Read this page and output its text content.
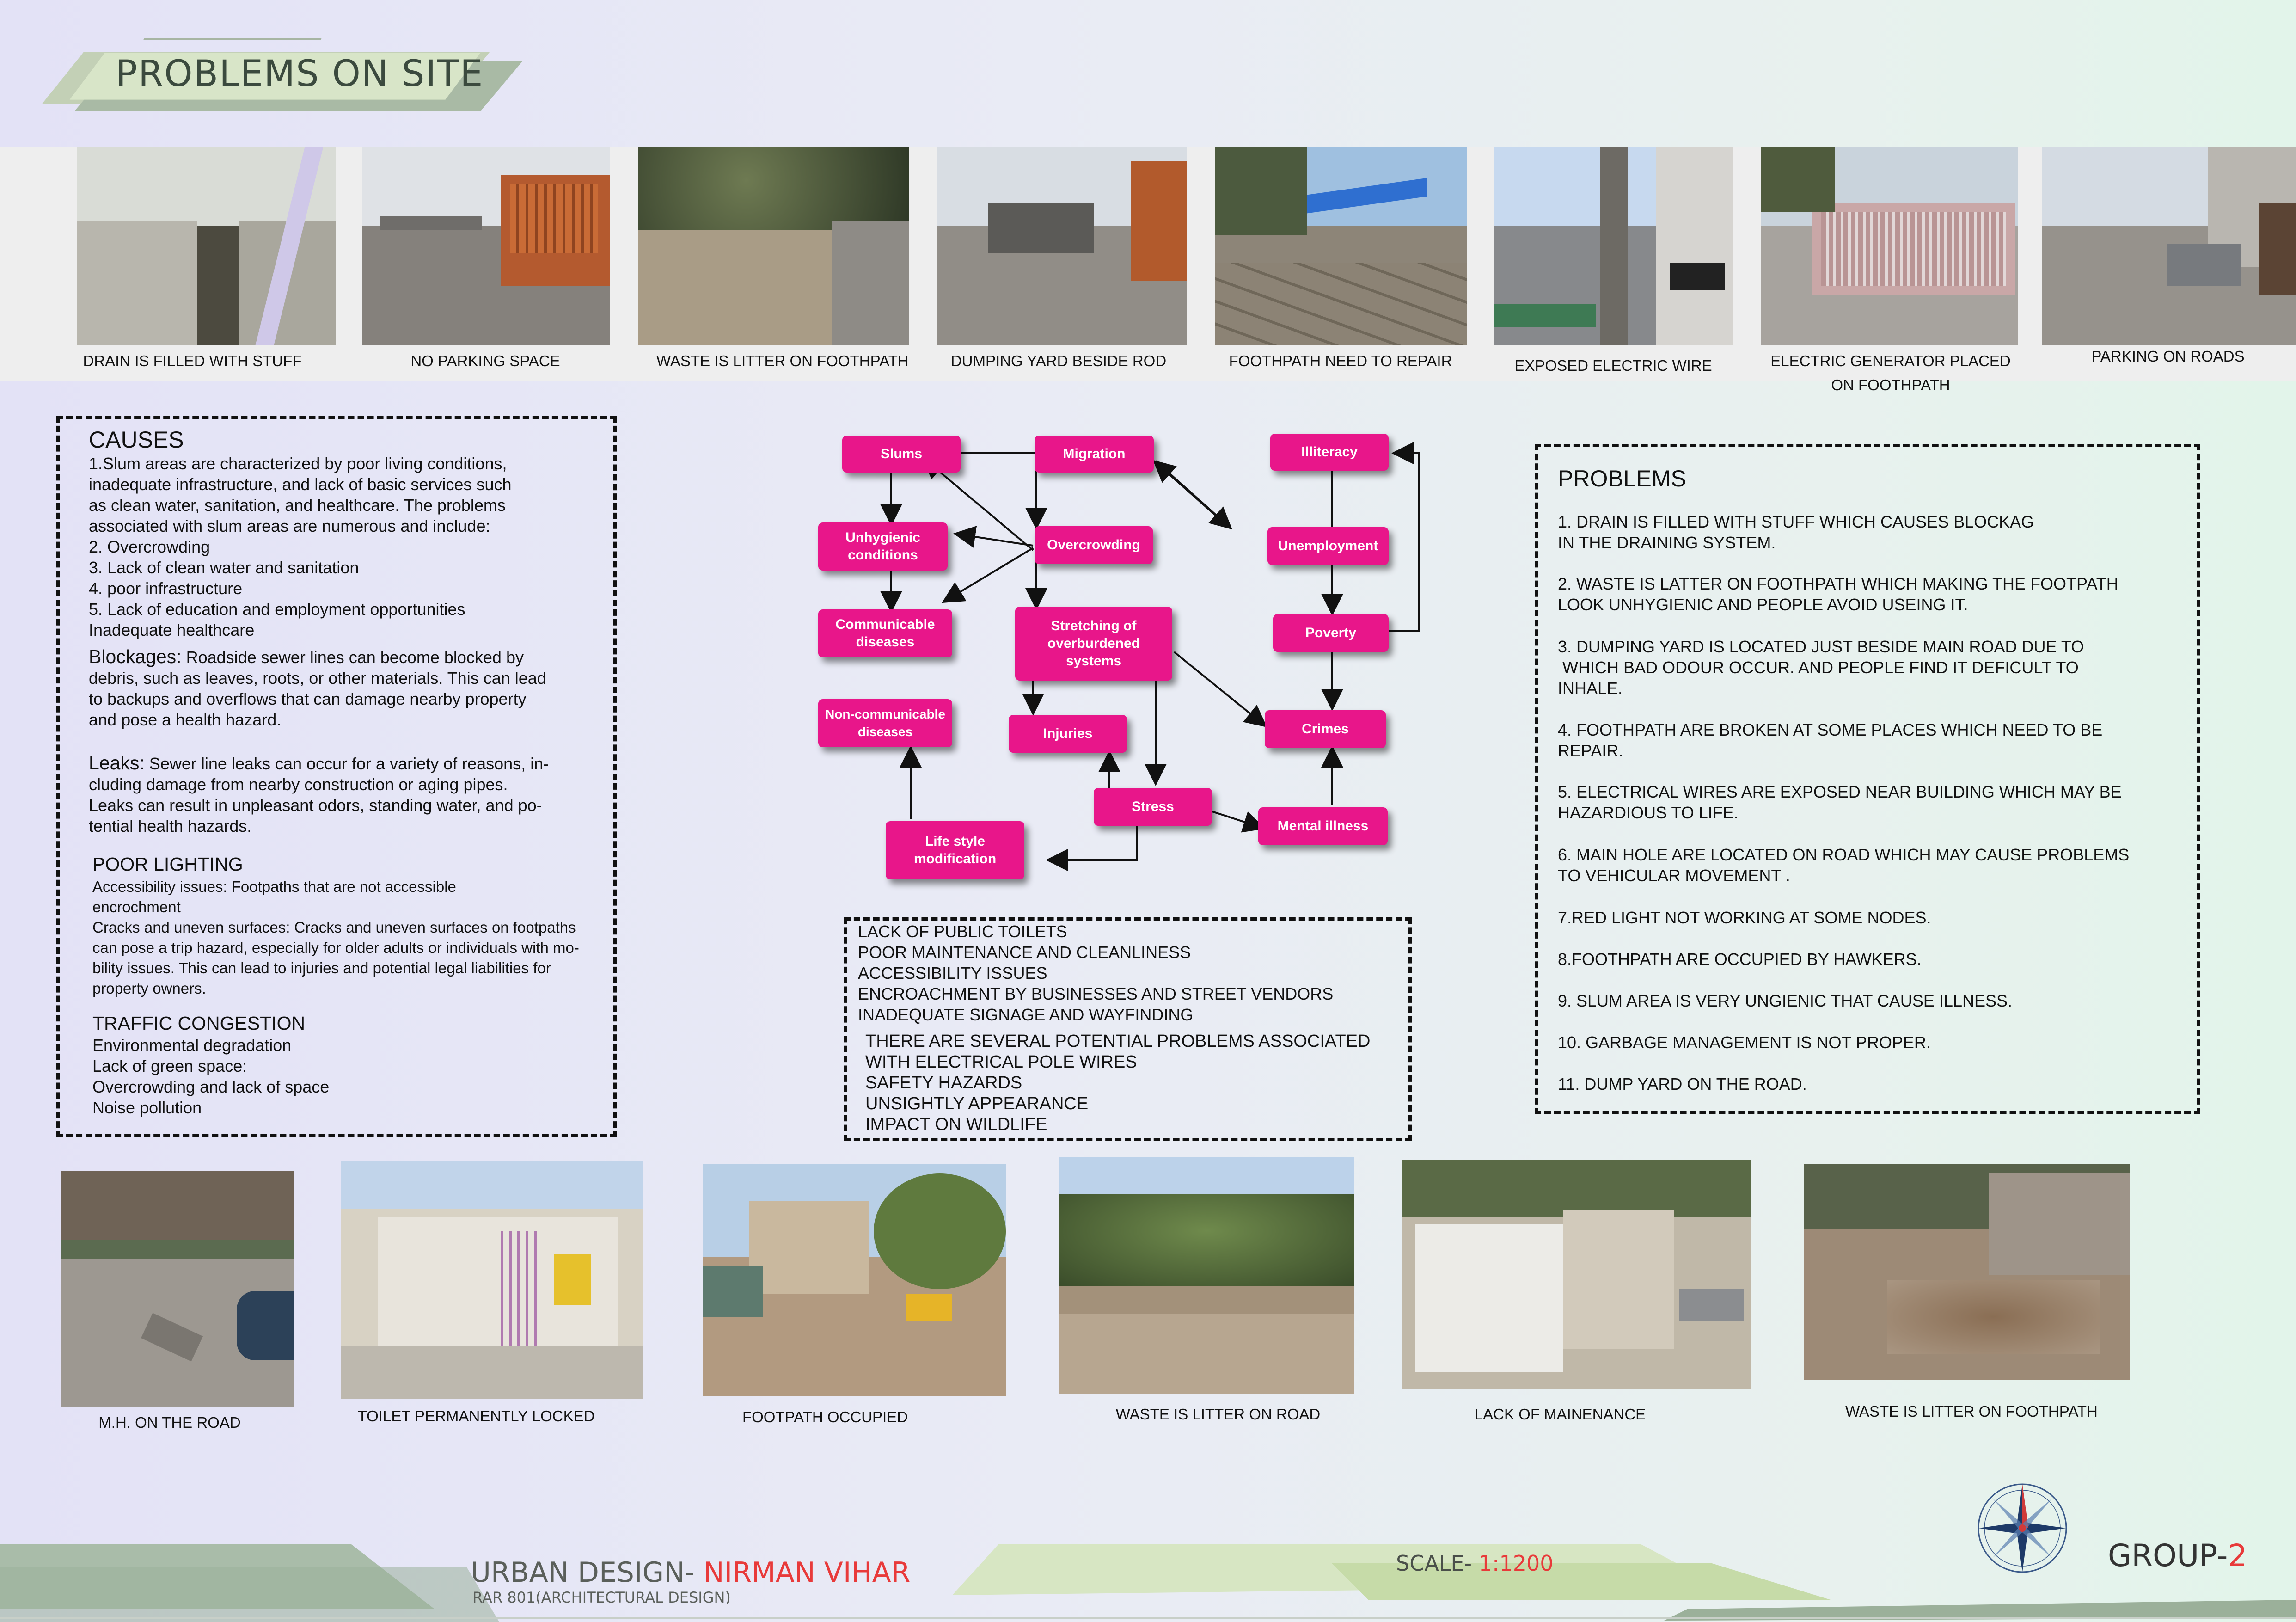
PROBLEMS ON SITE
DRAIN IS FILLED WITH STUFF	NO PARKING SPACE	WASTE IS LITTER ON FOOTHPATH	DUMPING YARD BESIDE ROD	FOOTHPATH NEED TO REPAIR	EXPOSED ELECTRIC WIRE	ELECTRIC GENERATOR PLACED
ON FOOTHPATH
PARKING ON ROADS
CAUSES
1.Slum areas are characterized by poor living conditions,
inadequate infrastructure, and lack of basic services such
as clean water, sanitation, and healthcare. The problems
associated with slum areas are numerous and include:
2. Overcrowding
3. Lack of clean water and sanitation
4. poor infrastructure
5. Lack of education and employment opportunities
Inadequate healthcare
Blockages: Roadside sewer lines can become blocked by
debris, such as leaves, roots, or other materials. This can lead
to backups and overflows that can damage nearby property
and pose a health hazard.
Leaks: Sewer line leaks can occur for a variety of reasons, in-
cluding damage from nearby construction or aging pipes.
Leaks can result in unpleasant odors, standing water, and po-
tential health hazards.
POOR LIGHTING
Accessibility issues: Footpaths that are not accessible
encrochment
Cracks and uneven surfaces: Cracks and uneven surfaces on footpaths
can pose a trip hazard, especially for older adults or individuals with mo-
bility issues. This can lead to injuries and potential legal liabilities for
property owners.
TRAFFIC CONGESTION
Environmental degradation
Lack of green space:
Overcrowding and lack of space
Noise pollution
Slums	Migration	Illiteracy
Unhygienic
conditions
Overcrowding	Unemployment
Communicable
diseases
Stretching of
overburdened
systems
Poverty
Non-communicable
diseases	Injuries	Crimes
Stress
Mental illness
Life style
modification
LACK OF PUBLIC TOILETS
POOR MAINTENANCE AND CLEANLINESS
ACCESSIBILITY ISSUES
ENCROACHMENT BY BUSINESSES AND STREET VENDORS
INADEQUATE SIGNAGE AND WAYFINDING
THERE ARE SEVERAL POTENTIAL PROBLEMS ASSOCIATED
WITH ELECTRICAL POLE WIRES
SAFETY HAZARDS
UNSIGHTLY APPEARANCE
IMPACT ON WILDLIFE
PROBLEMS
1. DRAIN IS FILLED WITH STUFF WHICH CAUSES BLOCKAG
IN THE DRAINING SYSTEM.
2. WASTE IS LATTER ON FOOTHPATH WHICH MAKING THE FOOTPATH
LOOK UNHYGIENIC AND PEOPLE AVOID USEING IT.
3. DUMPING YARD IS LOCATED JUST BESIDE MAIN ROAD DUE TO
WHICH BAD ODOUR OCCUR. AND PEOPLE FIND IT DEFICULT TO
INHALE.
4. FOOTHPATH ARE BROKEN AT SOME PLACES WHICH NEED TO BE
REPAIR.
5. ELECTRICAL WIRES ARE EXPOSED NEAR BUILDING WHICH MAY BE
HAZARDIOUS TO LIFE.
6. MAIN HOLE ARE LOCATED ON ROAD WHICH MAY CAUSE PROBLEMS
TO VEHICULAR MOVEMENT .
7.RED LIGHT NOT WORKING AT SOME NODES.
8.FOOTHPATH ARE OCCUPIED BY HAWKERS.
9. SLUM AREA IS VERY UNGIENIC THAT CAUSE ILLNESS.
10. GARBAGE MANAGEMENT IS NOT PROPER.
11. DUMP YARD ON THE ROAD.
M.H. ON THE ROAD	TOILET PERMANENTLY LOCKED	FOOTPATH OCCUPIED	WASTE IS LITTER ON ROAD	LACK OF MAINENANCE	WASTE IS LITTER ON FOOTHPATH
URBAN DESIGN- NIRMAN VIHAR
RAR 801(ARCHITECTURAL DESIGN)
SCALE- 1:1200	GROUP-2
